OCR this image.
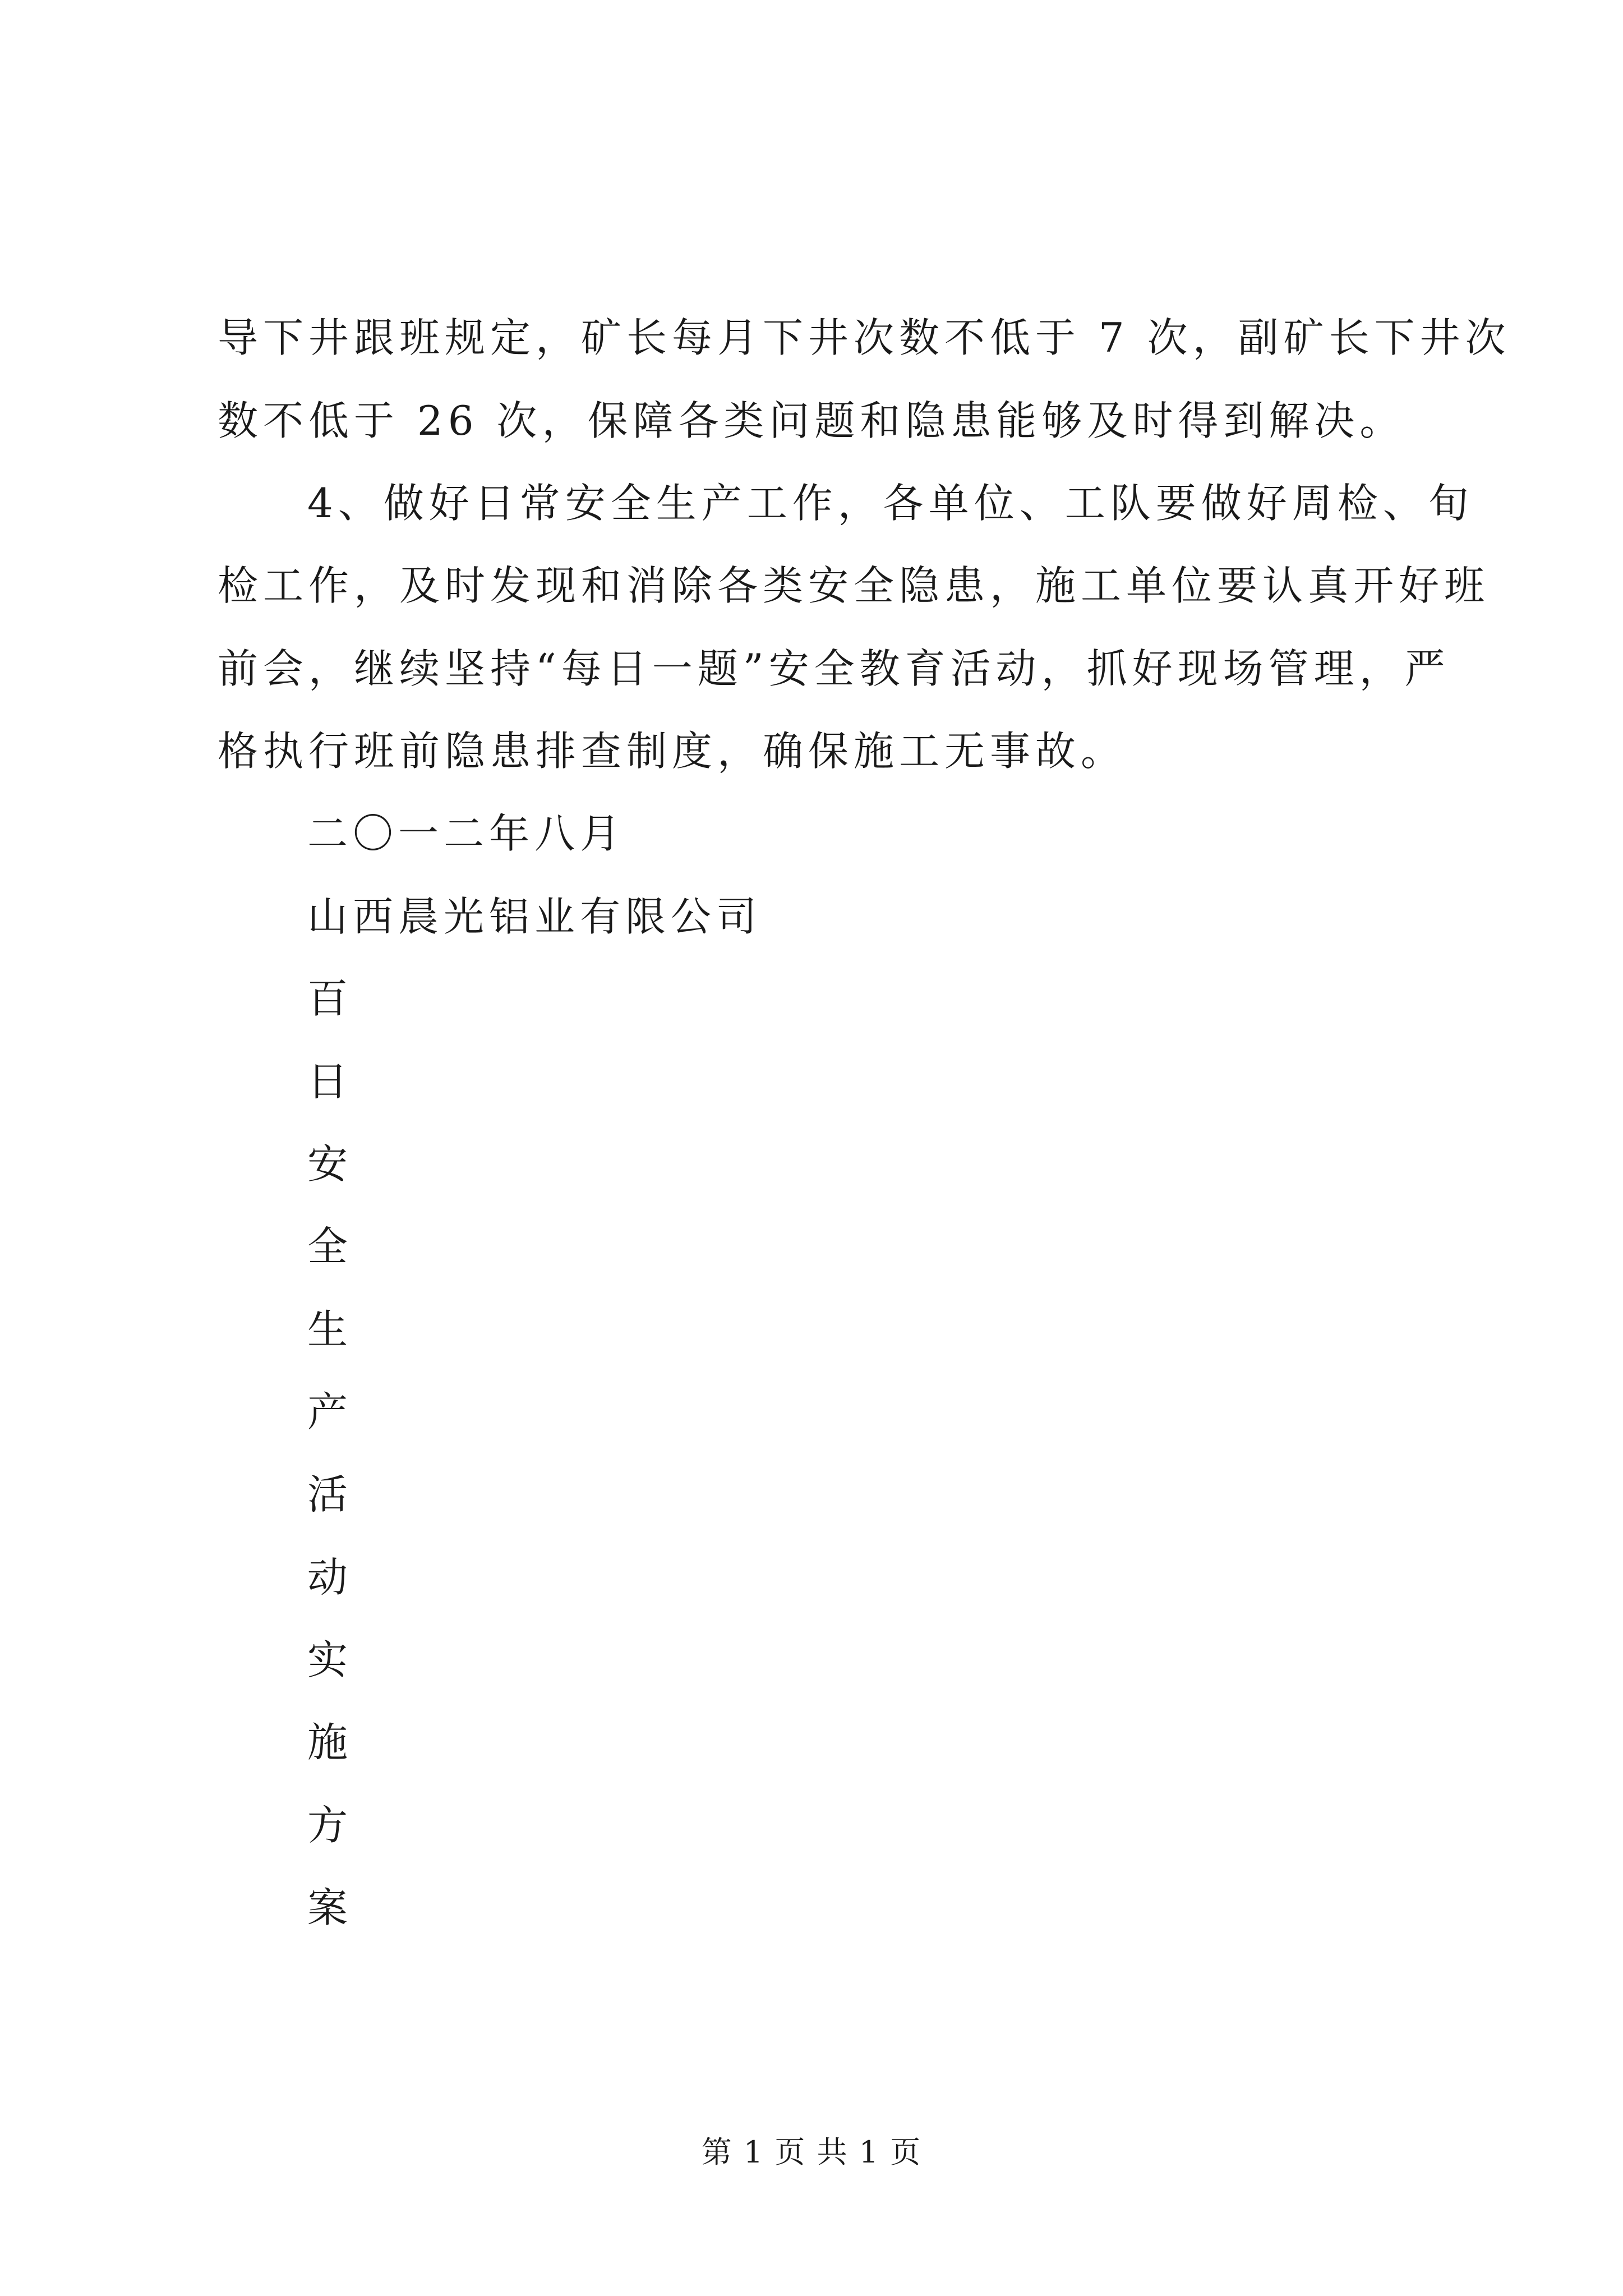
导下井跟班规定，矿长每月下井次数不低于 7 次，副矿长下井次
数不低于 26 次，保障各类问题和隐患能够及时得到解决。
4、做好日常安全生产工作，各单位、工队要做好周检、旬
检工作，及时发现和消除各类安全隐患，施工单位要认真开好班
前会，继续坚持“每日一题”安全教育活动，抓好现场管理，严
格执行班前隐患排查制度，确保施工无事故。
二〇一二年八月
山西晨光铝业有限公司
百
日
安
全
生
产
活
动
实
施
方
案
第 1 页 共 1 页
